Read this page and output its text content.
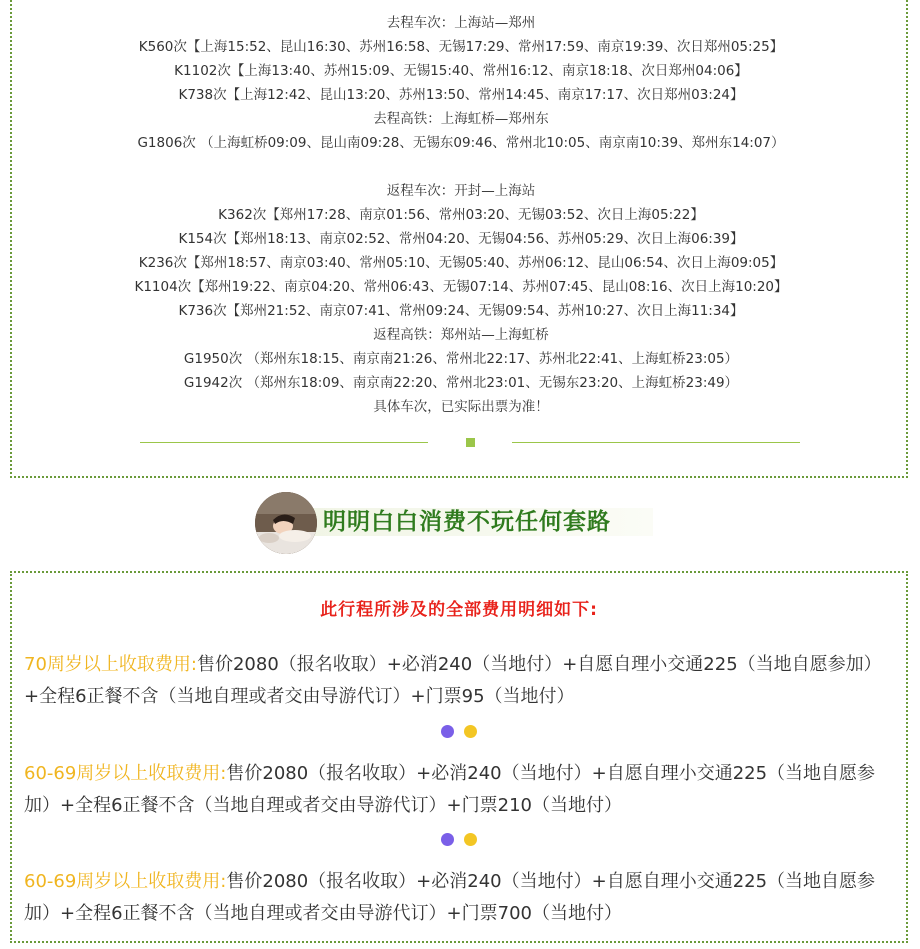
去程车次：上海站—郑州
K560次【上海15:52、昆山16:30、苏州16:58、无锡17:29、常州17:59、南京19:39、次日郑州05:25】
K1102次【上海13:40、苏州15:09、无锡15:40、常州16:12、南京18:18、次日郑州04:06】
K738次【上海12:42、昆山13:20、苏州13:50、常州14:45、南京17:17、次日郑州03:24】
去程高铁：上海虹桥—郑州东
G1806次 （上海虹桥09:09、昆山南09:28、无锡东09:46、常州北10:05、南京南10:39、郑州东14:07）
返程车次：开封—上海站
K362次【郑州17:28、南京01:56、常州03:20、无锡03:52、次日上海05:22】
K154次【郑州18:13、南京02:52、常州04:20、无锡04:56、苏州05:29、次日上海06:39】
K236次【郑州18:57、南京03:40、常州05:10、无锡05:40、苏州06:12、昆山06:54、次日上海09:05】
K1104次【郑州19:22、南京04:20、常州06:43、无锡07:14、苏州07:45、昆山08:16、次日上海10:20】
K736次【郑州21:52、南京07:41、常州09:24、无锡09:54、苏州10:27、次日上海11:34】
返程高铁：郑州站—上海虹桥
G1950次 （郑州东18:15、南京南21:26、常州北22:17、苏州北22:41、上海虹桥23:05）
G1942次 （郑州东18:09、南京南22:20、常州北23:01、无锡东23:20、上海虹桥23:49）
具体车次，已实际出票为准！
明明白白消费不玩任何套路
此行程所涉及的全部费用明细如下:
70周岁以上收取费用:售价2080（报名收取）+必消240（当地付）+自愿自理小交通225（当地自愿参加）+全程6正餐不含（当地自理或者交由导游代订）+门票95（当地付）
60-69周岁以上收取费用:售价2080（报名收取）+必消240（当地付）+自愿自理小交通225（当地自愿参加）+全程6正餐不含（当地自理或者交由导游代订）+门票210（当地付）
60-69周岁以上收取费用:售价2080（报名收取）+必消240（当地付）+自愿自理小交通225（当地自愿参加）+全程6正餐不含（当地自理或者交由导游代订）+门票700（当地付）
